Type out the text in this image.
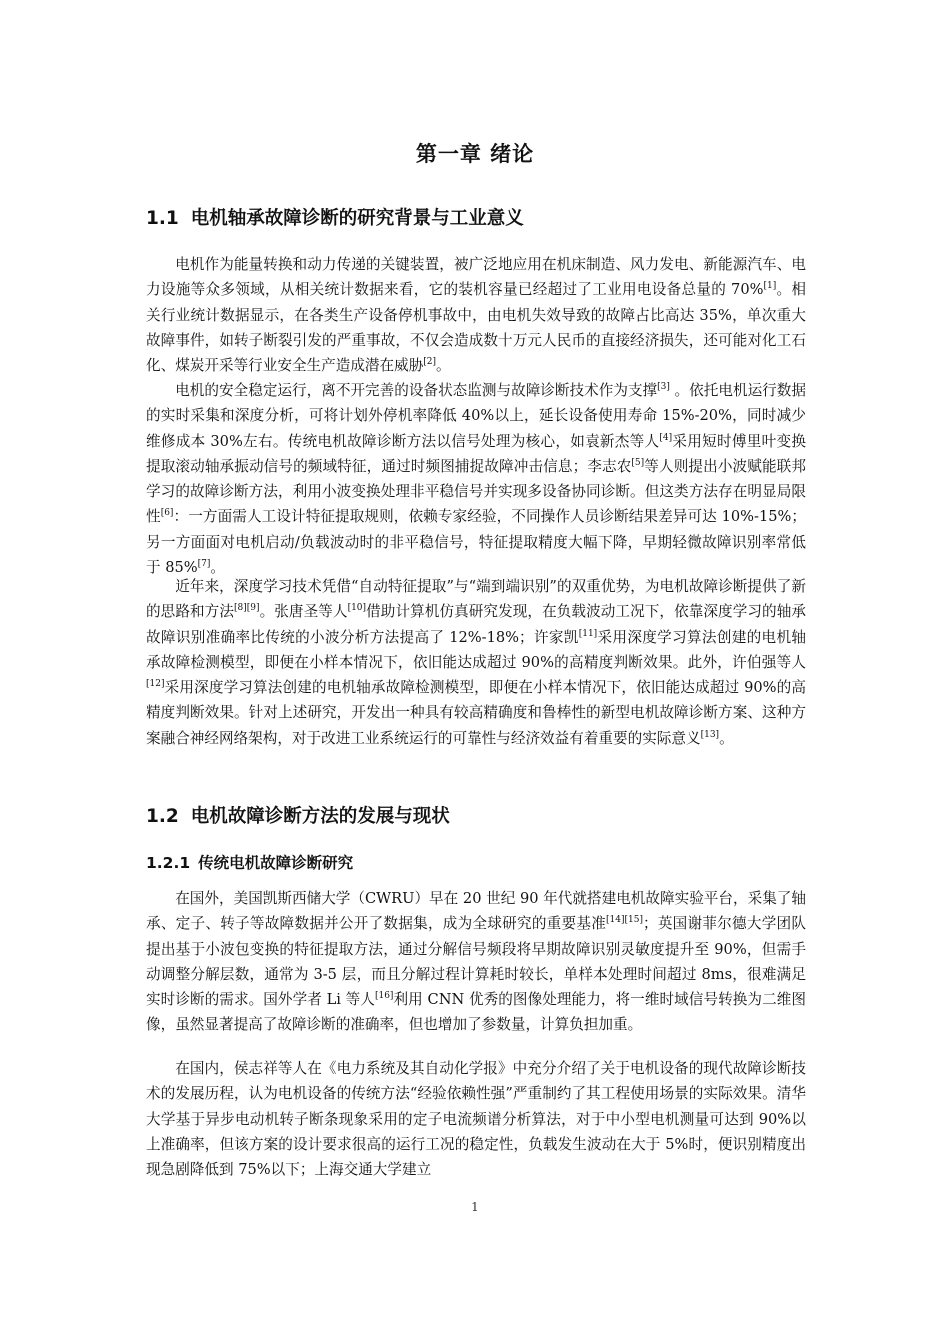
第一章 绪论
1.1 电机轴承故障诊断的研究背景与工业意义

电机作为能量转换和动力传递的关键装置，被广泛地应用在机床制造、风力发电、新能源汽车、电力设施等众多领域，从相关统计数据来看，它的装机容量已经超过了工业用电设备总量的 70%[1]。相关行业统计数据显示，在各类生产设备停机事故中，由电机失效导致的故障占比高达 35%，单次重大故障事件，如转子断裂引发的严重事故，不仅会造成数十万元人民币的直接经济损失，还可能对化工石化、煤炭开采等行业安全生产造成潜在威胁[2]。

电机的安全稳定运行，离不开完善的设备状态监测与故障诊断技术作为支撑[3] 。依托电机运行数据的实时采集和深度分析，可将计划外停机率降低 40%以上，延长设备使用寿命 15%-20%，同时减少维修成本 30%左右。传统电机故障诊断方法以信号处理为核心，如袁新杰等人[4]采用短时傅里叶变换提取滚动轴承振动信号的频域特征，通过时频图捕捉故障冲击信息；李志农[5]等人则提出小波赋能联邦学习的故障诊断方法，利用小波变换处理非平稳信号并实现多设备协同诊断。但这类方法存在明显局限性[6]：一方面需人工设计特征提取规则，依赖专家经验，不同操作人员诊断结果差异可达 10%-15%；另一方面面对电机启动/负载波动时的非平稳信号，特征提取精度大幅下降，早期轻微故障识别率常低于 85%[7]。

近年来，深度学习技术凭借“自动特征提取”与“端到端识别”的双重优势，为电机故障诊断提供了新的思路和方法[8][9]。张唐圣等人[10]借助计算机仿真研究发现，在负载波动工况下，依靠深度学习的轴承故障识别准确率比传统的小波分析方法提高了 12%-18%；许家凯[11]采用深度学习算法创建的电机轴承故障检测模型，即便在小样本情况下，依旧能达成超过 90%的高精度判断效果。此外，许伯强等人[12]采用深度学习算法创建的电机轴承故障检测模型，即便在小样本情况下，依旧能达成超过 90%的高精度判断效果。针对上述研究，开发出一种具有较高精确度和鲁棒性的新型电机故障诊断方案、这种方案融合神经网络架构，对于改进工业系统运行的可靠性与经济效益有着重要的实际意义[13]。

1.2 电机故障诊断方法的发展与现状
1.2.1 传统电机故障诊断研究

在国外，美国凯斯西储大学（CWRU）早在 20 世纪 90 年代就搭建电机故障实验平台，采集了轴承、定子、转子等故障数据并公开了数据集，成为全球研究的重要基准[14][15]；英国谢菲尔德大学团队提出基于小波包变换的特征提取方法，通过分解信号频段将早期故障识别灵敏度提升至 90%，但需手动调整分解层数，通常为 3-5 层，而且分解过程计算耗时较长，单样本处理时间超过 8ms，很难满足实时诊断的需求。国外学者 Li 等人[16]利用 CNN 优秀的图像处理能力，将一维时域信号转换为二维图像，虽然显著提高了故障诊断的准确率，但也增加了参数量，计算负担加重。

在国内，侯志祥等人在《电力系统及其自动化学报》中充分介绍了关于电机设备的现代故障诊断技术的发展历程，认为电机设备的传统方法“经验依赖性强”严重制约了其工程使用场景的实际效果。清华大学基于异步电动机转子断条现象采用的定子电流频谱分析算法，对于中小型电机测量可达到 90%以上准确率，但该方案的设计要求很高的运行工况的稳定性，负载发生波动在大于 5%时，便识别精度出现急剧降低到 75%以下；上海交通大学建立

1
